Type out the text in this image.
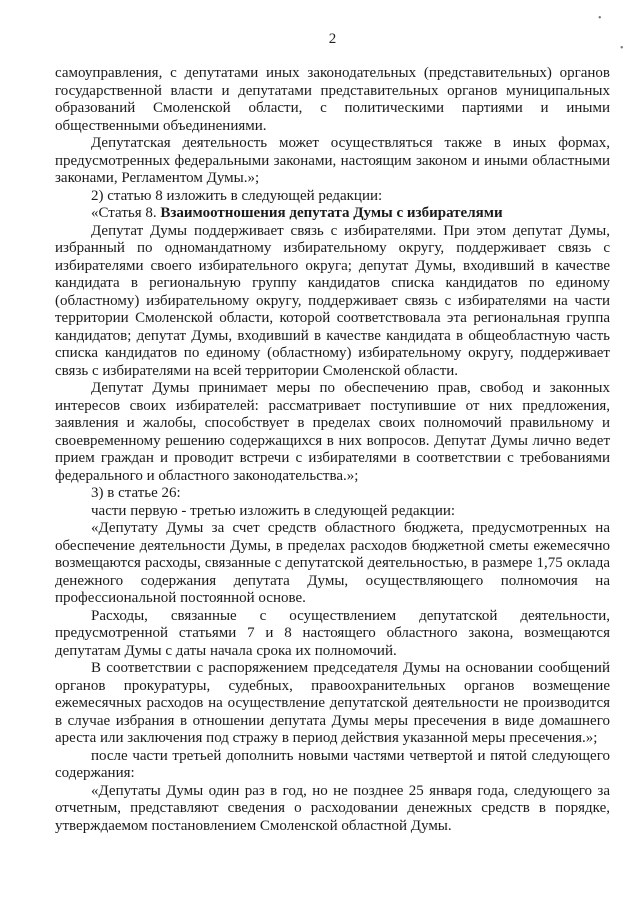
2

самоуправления, с депутатами иных законодательных (представительных) органов государственной власти и депутатами представительных органов муниципальных образований Смоленской области, с политическими партиями и иными общественными объединениями.

Депутатская деятельность может осуществляться также в иных формах, предусмотренных федеральными законами, настоящим законом и иными областными законами, Регламентом Думы.»;

2) статью 8 изложить в следующей редакции:

«Статья 8. Взаимоотношения депутата Думы с избирателями

Депутат Думы поддерживает связь с избирателями. При этом депутат Думы, избранный по одномандатному избирательному округу, поддерживает связь с избирателями своего избирательного округа; депутат Думы, входивший в качестве кандидата в региональную группу кандидатов списка кандидатов по единому (областному) избирательному округу, поддерживает связь с избирателями на части территории Смоленской области, которой соответствовала эта региональная группа кандидатов; депутат Думы, входивший в качестве кандидата в общеобластную часть списка кандидатов по единому (областному) избирательному округу, поддерживает связь с избирателями на всей территории Смоленской области.

Депутат Думы принимает меры по обеспечению прав, свобод и законных интересов своих избирателей: рассматривает поступившие от них предложения, заявления и жалобы, способствует в пределах своих полномочий правильному и своевременному решению содержащихся в них вопросов. Депутат Думы лично ведет прием граждан и проводит встречи с избирателями в соответствии с требованиями федерального и областного законодательства.»;

3) в статье 26:

части первую - третью изложить в следующей редакции:

«Депутату Думы за счет средств областного бюджета, предусмотренных на обеспечение деятельности Думы, в пределах расходов бюджетной сметы ежемесячно возмещаются расходы, связанные с депутатской деятельностью, в размере 1,75 оклада денежного содержания депутата Думы, осуществляющего полномочия на профессиональной постоянной основе.

Расходы, связанные с осуществлением депутатской деятельности, предусмотренной статьями 7 и 8 настоящего областного закона, возмещаются депутатам Думы с даты начала срока их полномочий.

В соответствии с распоряжением председателя Думы на основании сообщений органов прокуратуры, судебных, правоохранительных органов возмещение ежемесячных расходов на осуществление депутатской деятельности не производится в случае избрания в отношении депутата Думы меры пресечения в виде домашнего ареста или заключения под стражу в период действия указанной меры пресечения.»;

после части третьей дополнить новыми частями четвертой и пятой следующего содержания:

«Депутаты Думы один раз в год, но не позднее 25 января года, следующего за отчетным, представляют сведения о расходовании денежных средств в порядке, утверждаемом постановлением Смоленской областной Думы.

•
•
